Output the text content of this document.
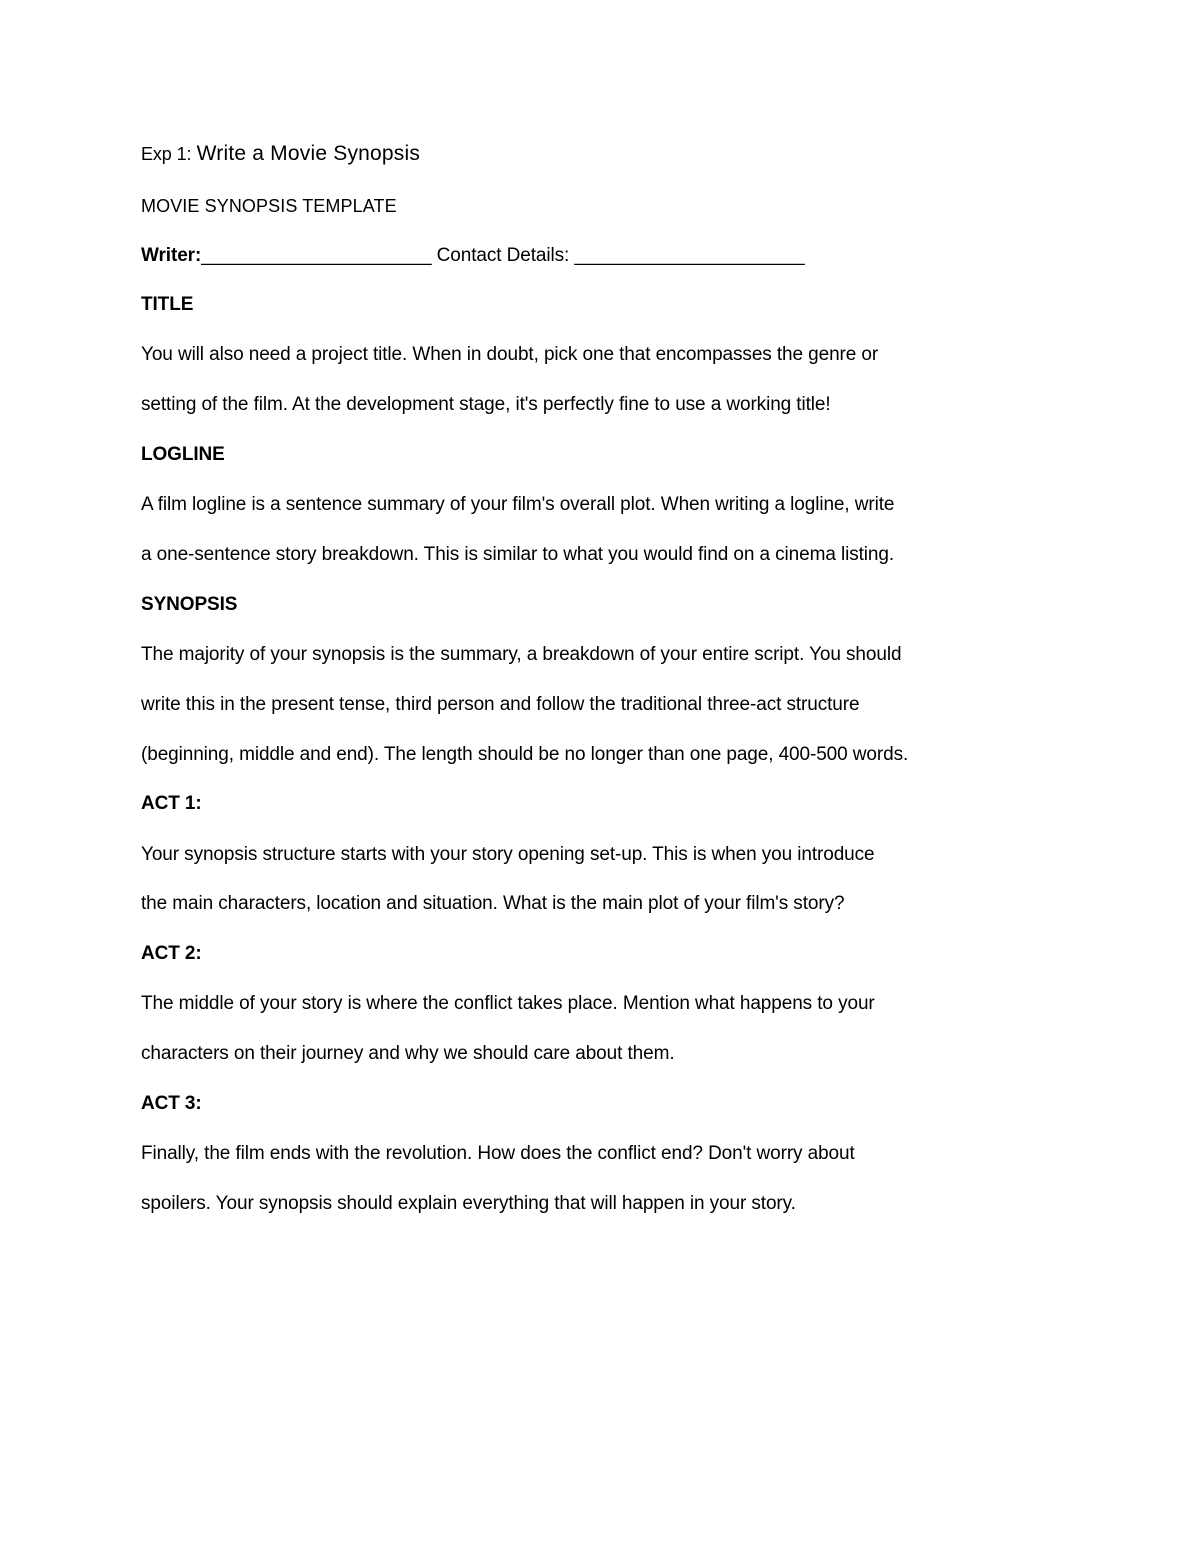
Exp 1: Write a Movie Synopsis
MOVIE SYNOPSIS TEMPLATE
Writer:______________________ Contact Details: ______________________
TITLE
You will also need a project title. When in doubt, pick one that encompasses the genre or
setting of the film. At the development stage, it's perfectly fine to use a working title!
LOGLINE
A film logline is a sentence summary of your film's overall plot. When writing a logline, write
a one-sentence story breakdown. This is similar to what you would find on a cinema listing.
SYNOPSIS
The majority of your synopsis is the summary, a breakdown of your entire script. You should
write this in the present tense, third person and follow the traditional three-act structure
(beginning, middle and end). The length should be no longer than one page, 400-500 words.
ACT 1:
Your synopsis structure starts with your story opening set-up. This is when you introduce
the main characters, location and situation. What is the main plot of your film's story?
ACT 2:
The middle of your story is where the conflict takes place. Mention what happens to your
characters on their journey and why we should care about them.
ACT 3:
Finally, the film ends with the revolution. How does the conflict end? Don't worry about
spoilers. Your synopsis should explain everything that will happen in your story.
